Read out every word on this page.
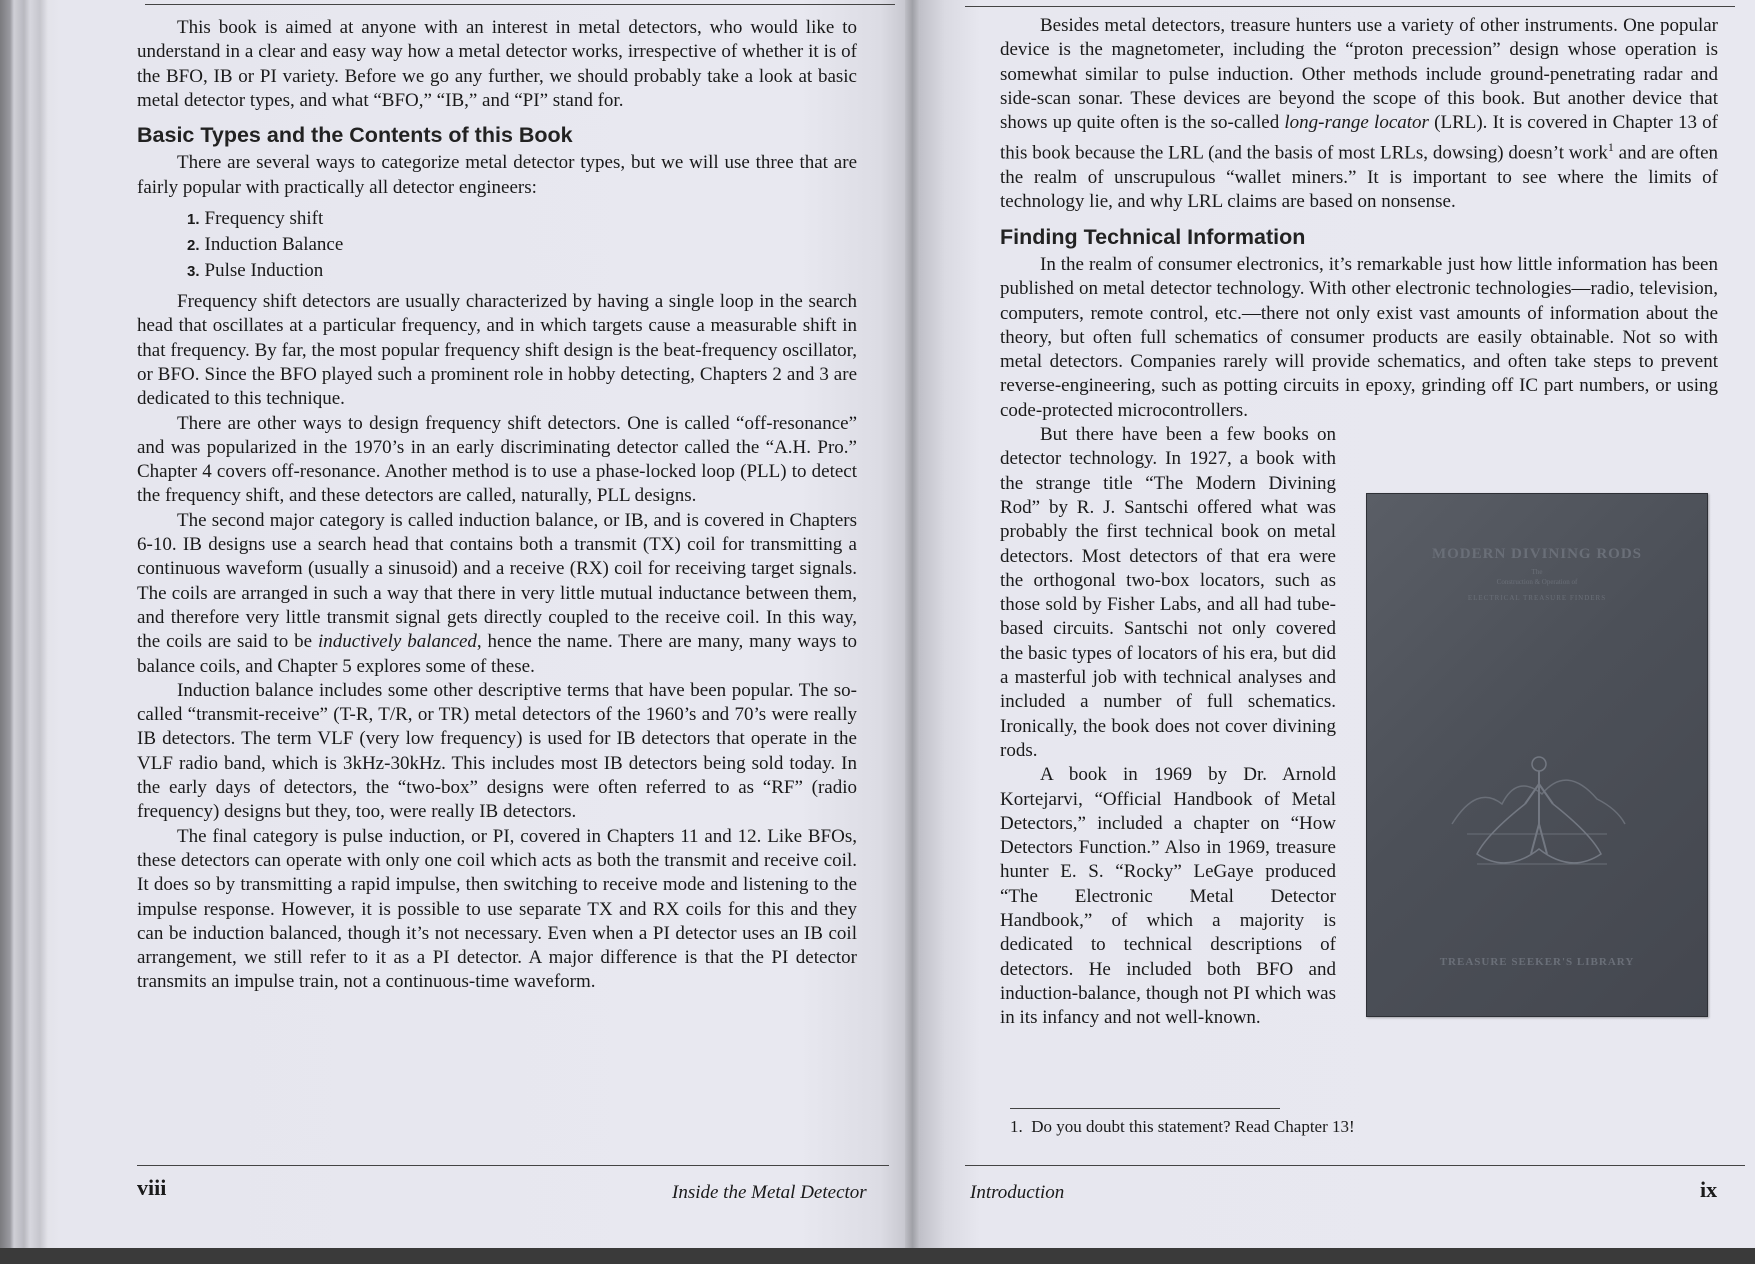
This book is aimed at anyone with an interest in metal detectors, who would like to understand in a clear and easy way how a metal detector works, irrespective of whether it is of the BFO, IB or PI variety. Before we go any further, we should probably take a look at basic metal detector types, and what “BFO,” “IB,” and “PI” stand for.

Basic Types and the Contents of this Book

There are several ways to categorize metal detector types, but we will use three that are fairly popular with practically all detector engineers:

1. Frequency shift
2. Induction Balance
3. Pulse Induction

Frequency shift detectors are usually characterized by having a single loop in the search head that oscillates at a particular frequency, and in which targets cause a measurable shift in that frequency. By far, the most popular frequency shift design is the beat-frequency oscillator, or BFO. Since the BFO played such a prominent role in hobby detecting, Chapters 2 and 3 are dedicated to this technique.

There are other ways to design frequency shift detectors. One is called “off-resonance” and was popularized in the 1970’s in an early discriminating detector called the “A.H. Pro.” Chapter 4 covers off-resonance. Another method is to use a phase-locked loop (PLL) to detect the frequency shift, and these detectors are called, naturally, PLL designs.

The second major category is called induction balance, or IB, and is covered in Chapters 6-10. IB designs use a search head that contains both a transmit (TX) coil for transmitting a continuous waveform (usually a sinusoid) and a receive (RX) coil for receiving target signals. The coils are arranged in such a way that there in very little mutual inductance between them, and therefore very little transmit signal gets directly coupled to the receive coil. In this way, the coils are said to be inductively balanced, hence the name. There are many, many ways to balance coils, and Chapter 5 explores some of these.

Induction balance includes some other descriptive terms that have been popular. The so-called “transmit-receive” (T-R, T/R, or TR) metal detectors of the 1960’s and 70’s were really IB detectors. The term VLF (very low frequency) is used for IB detectors that operate in the VLF radio band, which is 3kHz-30kHz. This includes most IB detectors being sold today. In the early days of detectors, the “two-box” designs were often referred to as “RF” (radio frequency) designs but they, too, were really IB detectors.

The final category is pulse induction, or PI, covered in Chapters 11 and 12. Like BFOs, these detectors can operate with only one coil which acts as both the transmit and receive coil. It does so by transmitting a rapid impulse, then switching to receive mode and listening to the impulse response. However, it is possible to use separate TX and RX coils for this and they can be induction balanced, though it’s not necessary. Even when a PI detector uses an IB coil arrangement, we still refer to it as a PI detector. A major difference is that the PI detector transmits an impulse train, not a continuous-time waveform.

viii	Inside the Metal Detector

Besides metal detectors, treasure hunters use a variety of other instruments. One popular device is the magnetometer, including the “proton precession” design whose operation is somewhat similar to pulse induction. Other methods include ground-penetrating radar and side-scan sonar. These devices are beyond the scope of this book. But another device that shows up quite often is the so-called long-range locator (LRL). It is covered in Chapter 13 of this book because the LRL (and the basis of most LRLs, dowsing) doesn’t work$^1$ and are often the realm of unscrupulous “wallet miners.” It is important to see where the limits of technology lie, and why LRL claims are based on nonsense.

Finding Technical Information

In the realm of consumer electronics, it’s remarkable just how little information has been published on metal detector technology. With other electronic technologies—radio, television, computers, remote control, etc.—there not only exist vast amounts of information about the theory, but often full schematics of consumer products are easily obtainable. Not so with metal detectors. Companies rarely will provide schematics, and often take steps to prevent reverse-engineering, such as potting circuits in epoxy, grinding off IC part numbers, or using code-protected microcontrollers.

But there have been a few books on detector technology. In 1927, a book with the strange title “The Modern Divining Rod” by R. J. Santschi offered what was probably the first technical book on metal detectors. Most detectors of that era were the orthogonal two-box locators, such as those sold by Fisher Labs, and all had tube-based circuits. Santschi not only covered the basic types of locators of his era, but did a masterful job with technical analyses and included a number of full schematics. Ironically, the book does not cover divining rods.

A book in 1969 by Dr. Arnold Kortejarvi, “Official Handbook of Metal Detectors,” included a chapter on “How Detectors Function.” Also in 1969, treasure hunter E. S. “Rocky” LeGaye produced “The Electronic Metal Detector Handbook,” of which a majority is dedicated to technical descriptions of detectors. He included both BFO and induction-balance, though not PI which was in its infancy and not well-known.

1. Do you doubt this statement? Read Chapter 13!
Introduction	ix
MODERN DIVINING RODS
The
Construction & Operation of
ELECTRICAL TREASURE FINDERS
TREASURE SEEKER'S LIBRARY
